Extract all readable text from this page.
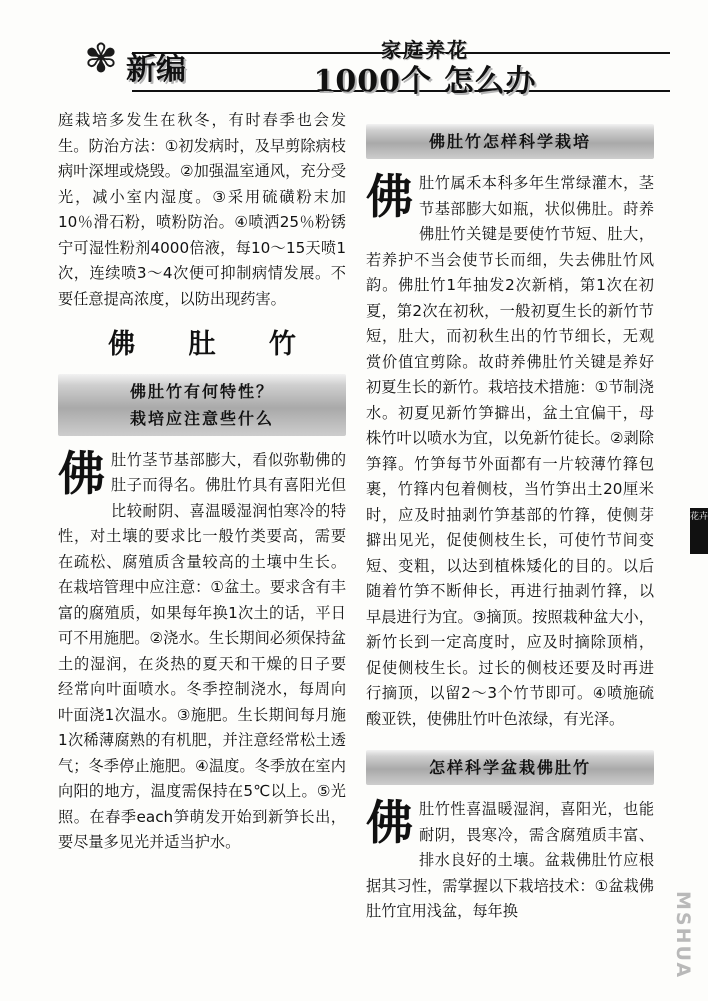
✾	家庭养花
1000个 怎么办
新编

庭栽培多发生在秋冬，有时春季也会发生。防治方法：①初发病时，及早剪除病枝病叶深埋或烧毁。②加强温室通风，充分受光，减小室内湿度。③采用硫磺粉末加10％滑石粉，喷粉防治。④喷洒25％粉锈宁可湿性粉剂4000倍液，每10～15天喷1次，连续喷3～4次便可抑制病情发展。不要任意提高浓度，以防出现药害。

佛 肚 竹
佛肚竹有何特性？
栽培应注意些什么
佛 肚竹茎节基部膨大，看似弥勒佛的肚子而得名。佛肚竹具有喜阳光但比较耐阴、喜温暖湿润怕寒冷的特性，对土壤的要求比一般竹类要高，需要在疏松、腐殖质含量较高的土壤中生长。在栽培管理中应注意：①盆土。要求含有丰富的腐殖质，如果每年换1次土的话，平日可不用施肥。②浇水。生长期间必须保持盆土的湿润，在炎热的夏天和干燥的日子要经常向叶面喷水。冬季控制浇水，每周向叶面浇1次温水。③施肥。生长期间每月施1次稀薄腐熟的有机肥，并注意经常松土透气；冬季停止施肥。④温度。冬季放在室内向阳的地方，温度需保持在5℃以上。⑤光照。在春季each笋萌发开始到新笋长出，要尽量多见光并适当护水。

佛肚竹怎样科学栽培
佛 肚竹属禾本科多年生常绿灌木，茎节基部膨大如瓶，状似佛肚。莳养佛肚竹关键是要使竹节短、肚大，若养护不当会使节长而细，失去佛肚竹风韵。佛肚竹1年抽发2次新梢，第1次在初夏，第2次在初秋，一般初夏生长的新竹节短，肚大，而初秋生出的竹节细长，无观赏价值宜剪除。故莳养佛肚竹关键是养好初夏生长的新竹。栽培技术措施：①节制浇水。初夏见新竹笋擗出，盆土宜偏干，母株竹叶以喷水为宜，以免新竹徒长。②剥除笋箨。竹笋每节外面都有一片较薄竹箨包裹，竹箨内包着侧枝，当竹笋出土20厘米时，应及时抽剥竹笋基部的竹箨，使侧芽擗出见光，促使侧枝生长，可使竹节间变短、变粗，以达到植株矮化的目的。以后随着竹笋不断伸长，再进行抽剥竹箨，以早晨进行为宜。③摘顶。按照栽种盆大小，新竹长到一定高度时，应及时摘除顶梢，促使侧枝生长。过长的侧枝还要及时再进行摘顶，以留2～3个竹节即可。④喷施硫酸亚铁，使佛肚竹叶色浓绿，有光泽。

怎样科学盆栽佛肚竹
佛 肚竹性喜温暖湿润，喜阳光，也能耐阴，畏寒冷，需含腐殖质丰富、排水良好的土壤。盆栽佛肚竹应根据其习性，需掌握以下栽培技术：①盆栽佛肚竹宜用浅盆，每年换

花卉
MSHUA
